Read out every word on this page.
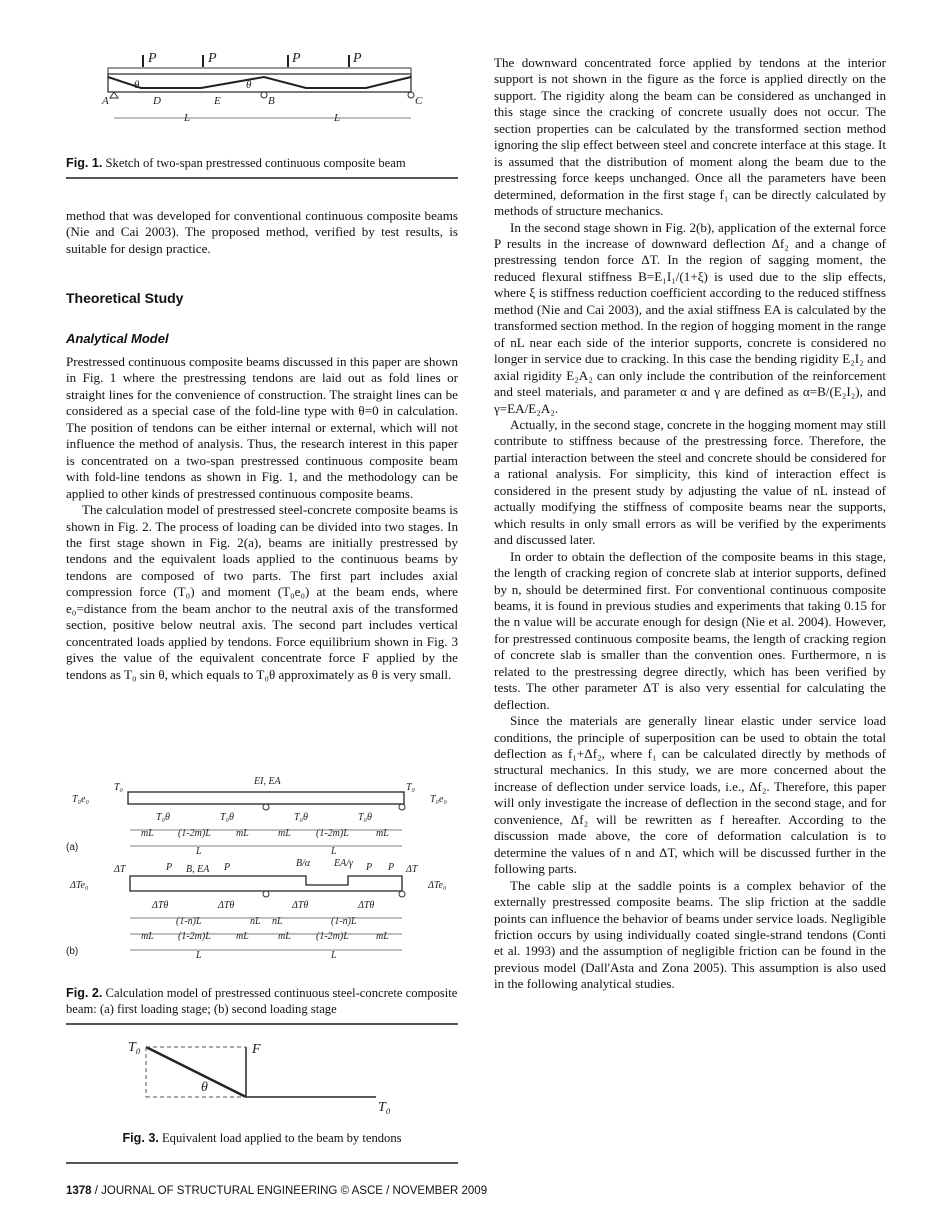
P	P	P	P
A	D	E	B	C
θ	θ
L	L
Fig. 1. Sketch of two-span prestressed continuous composite beam

method that was developed for conventional continuous composite beams (Nie and Cai 2003). The proposed method, verified by test results, is suitable for design practice.

Theoretical Study
Analytical Model

Prestressed continuous composite beams discussed in this paper are shown in Fig. 1 where the prestressing tendons are laid out as fold lines or straight lines for the convenience of construction. The straight lines can be considered as a special case of the fold-line type with θ=0 in calculation. The position of tendons can be either internal or external, which will not influence the method of analysis. Thus, the research interest in this paper is concentrated on a two-span prestressed continuous composite beam with fold-line tendons as shown in Fig. 1, and the methodology can be applied to other kinds of prestressed continuous composite beams.

The calculation model of prestressed steel-concrete composite beams is shown in Fig. 2. The process of loading can be divided into two stages. In the first stage shown in Fig. 2(a), beams are initially prestressed by tendons and the equivalent loads applied to the continuous beams by tendons are composed of two parts. The first part includes axial compression force (T₀) and moment (T₀e₀) at the beam ends, where e₀=distance from the beam anchor to the neutral axis of the transformed section, positive below neutral axis. The second part includes vertical concentrated loads applied by tendons. Force equilibrium shown in Fig. 3 gives the value of the equivalent concentrate force F applied by the tendons as T₀ sin θ, which equals to T₀θ approximately as θ is very small.

EI, EA
T₀	T₀
T₀e₀	T₀e₀
T₀θ	T₀θ	T₀θ	T₀θ
mL (1-2m)L	mL	mL	(1-2m)L	mL
L	L
(a)
B, EA
B/α EA/γ
P	P	P P
ΔT	ΔT
ΔTe₀	ΔTe₀
ΔTθ	ΔTθ	ΔTθ	ΔTθ
(1-n)L	nL nL	(1-n)L
mL (1-2m)L	mL	mL	(1-2m)L	mL
L	L
(b)
Fig. 2. Calculation model of prestressed continuous steel-concrete composite beam: (a) first loading stage; (b) second loading stage
T₀	F
θ
T₀
Fig. 3. Equivalent load applied to the beam by tendons

The downward concentrated force applied by tendons at the interior support is not shown in the figure as the force is applied directly on the support. The rigidity along the beam can be considered as unchanged in this stage since the cracking of concrete usually does not occur. The section properties can be calculated by the transformed section method ignoring the slip effect between steel and concrete interface at this stage. It is assumed that the distribution of moment along the beam due to the prestressing force keeps unchanged. Once all the parameters have been determined, deformation in the first stage f₁ can be directly calculated by methods of structure mechanics.

In the second stage shown in Fig. 2(b), application of the external force P results in the increase of downward deflection Δf₂ and a change of prestressing tendon force ΔT. In the region of sagging moment, the reduced flexural stiffness B=E₁I₁/(1+ξ) is used due to the slip effects, where ξ is stiffness reduction coefficient according to the reduced stiffness method (Nie and Cai 2003), and the axial stiffness EA is calculated by the transformed section method. In the region of hogging moment in the range of nL near each side of the interior supports, concrete is considered no longer in service due to cracking. In this case the bending rigidity E₂I₂ and axial rigidity E₂A₂ can only include the contribution of the reinforcement and steel materials, and parameter α and γ are defined as α=B/(E₂I₂), and γ=EA/E₂A₂.

Actually, in the second stage, concrete in the hogging moment may still contribute to stiffness because of the prestressing force. Therefore, the partial interaction between the steel and concrete should be considered for a rational analysis. For simplicity, this kind of interaction effect is considered in the present study by adjusting the value of nL instead of actually modifying the stiffness of composite beams near the supports, which results in only small errors as will be verified by the experiments and discussed later.

In order to obtain the deflection of the composite beams in this stage, the length of cracking region of concrete slab at interior supports, defined by n, should be determined first. For conventional continuous composite beams, it is found in previous studies and experiments that taking 0.15 for the n value will be accurate enough for design (Nie et al. 2004). However, for prestressed continuous composite beams, the length of cracking region of concrete slab is smaller than the convention ones. Furthermore, n is related to the prestressing degree directly, which has been verified by tests. The other parameter ΔT is also very essential for calculating the deflection.

Since the materials are generally linear elastic under service load conditions, the principle of superposition can be used to obtain the total deflection as f₁+Δf₂, where f₁ can be calculated directly by methods of structural mechanics. In this study, we are more concerned about the increase of deflection under service loads, i.e., Δf₂. Therefore, this paper will only investigate the increase of deflection in the second stage, and for convenience, Δf₂ will be rewritten as f hereafter. According to the discussion made above, the core of deformation calculation is to determine the values of n and ΔT, which will be discussed further in the following parts.

The cable slip at the saddle points is a complex behavior of the externally prestressed composite beams. The slip friction at the saddle points can influence the behavior of beams under service loads. Negligible friction occurs by using individually coated single-strand tendons (Conti et al. 1993) and the assumption of negligible friction can be found in the previous model (Dall'Asta and Zona 2005). This assumption is also used in the following analytical studies.

1378 / JOURNAL OF STRUCTURAL ENGINEERING © ASCE / NOVEMBER 2009
